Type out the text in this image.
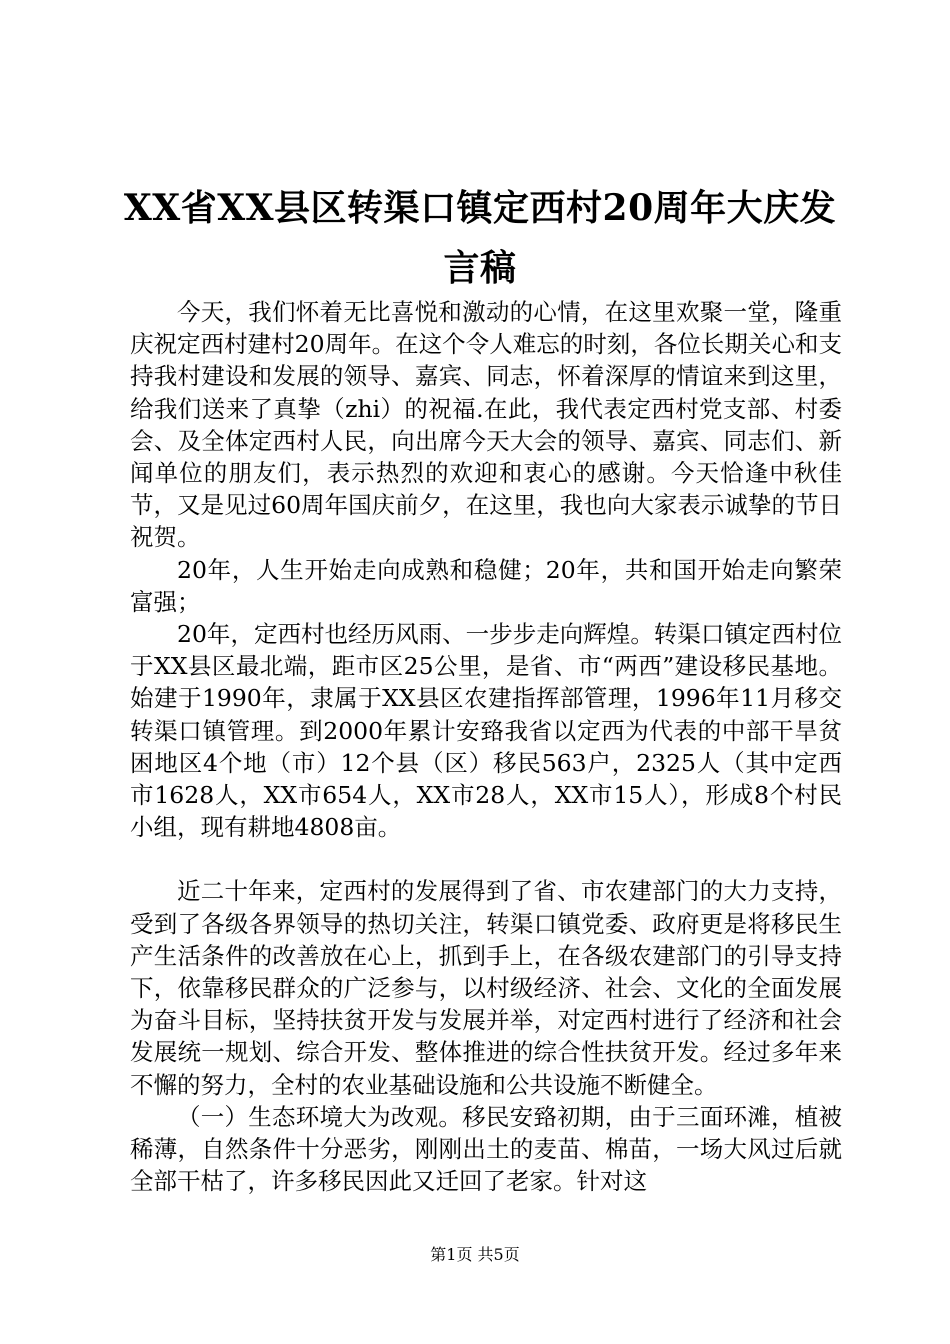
XX省XX县区转渠口镇定西村20周年大庆发言稿

今天，我们怀着无比喜悦和激动的心情，在这里欢聚一堂，隆重庆祝定西村建村20周年。在这个令人难忘的时刻，各位长期关心和支持我村建设和发展的领导、嘉宾、同志，怀着深厚的情谊来到这里，给我们送来了真挚（zhi）的祝福.在此，我代表定西村党支部、村委会、及全体定西村人民，向出席今天大会的领导、嘉宾、同志们、新闻单位的朋友们，表示热烈的欢迎和衷心的感谢。今天恰逢中秋佳节，又是见过60周年国庆前夕，在这里，我也向大家表示诚挚的节日祝贺。

20年，人生开始走向成熟和稳健；20年，共和国开始走向繁荣富强；

20年，定西村也经历风雨、一步步走向辉煌。转渠口镇定西村位于XX县区最北端，距市区25公里，是省、市“两西”建设移民基地。始建于1990年，隶属于XX县区农建指挥部管理，1996年11月移交转渠口镇管理。到2000年累计安臵我省以定西为代表的中部干旱贫困地区4个地（市）12个县（区）移民563户，2325人（其中定西市1628人，XX市654人，XX市28人，XX市15人），形成8个村民小组，现有耕地4808亩。

近二十年来，定西村的发展得到了省、市农建部门的大力支持，受到了各级各界领导的热切关注，转渠口镇党委、政府更是将移民生产生活条件的改善放在心上，抓到手上，在各级农建部门的引导支持下，依靠移民群众的广泛参与，以村级经济、社会、文化的全面发展为奋斗目标，坚持扶贫开发与发展并举，对定西村进行了经济和社会发展统一规划、综合开发、整体推进的综合性扶贫开发。经过多年来不懈的努力，全村的农业基础设施和公共设施不断健全。

（一）生态环境大为改观。移民安臵初期，由于三面环滩，植被稀薄，自然条件十分恶劣，刚刚出土的麦苗、棉苗，一场大风过后就全部干枯了，许多移民因此又迁回了老家。针对这

第1页 共5页
